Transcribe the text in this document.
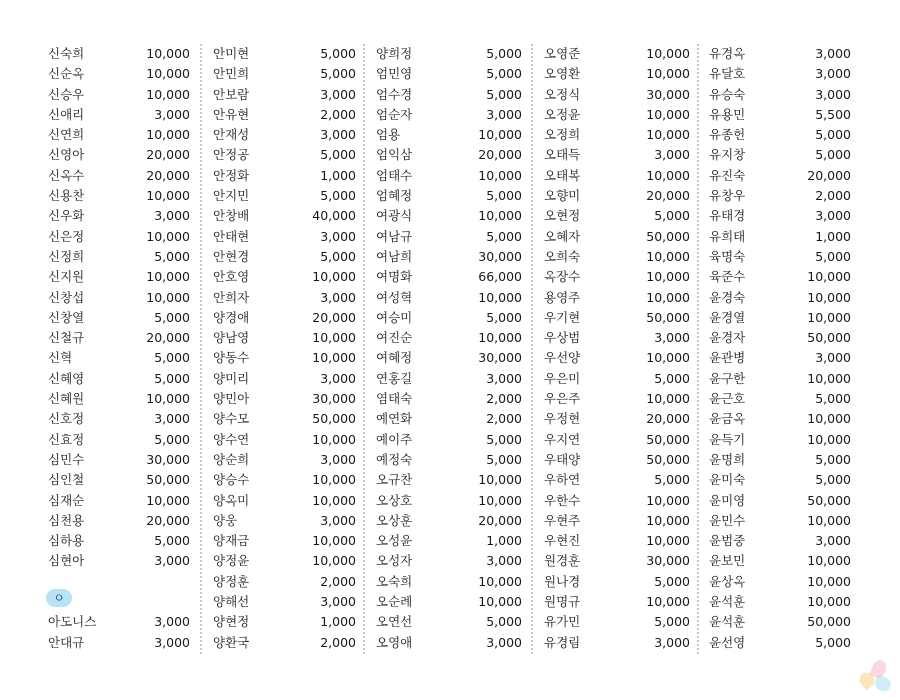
신숙희	10,000
신순옥	10,000
신승우	10,000
신애리	3,000
신연희	10,000
신영아	20,000
신옥수	20,000
신용찬	10,000
신우화	3,000
신은정	10,000
신정희	5,000
신지원	10,000
신창섭	10,000
신창열	5,000
신철규	20,000
신혁	5,000
신혜영	5,000
신혜원	10,000
신호정	3,000
신효정	5,000
심민수	30,000
심인철	50,000
심재순	10,000
심천용	20,000
심하용	5,000
심현아	3,000
아도니스	3,000
안대규	3,000
안미현	5,000
안민희	5,000
안보람	3,000
안유현	2,000
안재성	3,000
안정공	5,000
안정화	1,000
안지민	5,000
안창배	40,000
안태현	3,000
안현경	5,000
안호영	10,000
안희자	3,000
양경애	20,000
양남영	10,000
양동수	10,000
양미리	3,000
양민아	30,000
양수모	50,000
양수연	10,000
양순희	3,000
양승수	10,000
양옥미	10,000
양웅	3,000
양재금	10,000
양정윤	10,000
양정훈	2,000
양해선	3,000
양현정	1,000
양환국	2,000
양희정	5,000
엄민영	5,000
엄수경	5,000
엄순자	3,000
엄용	10,000
엄익삼	20,000
엄태수	10,000
엄혜정	5,000
여광식	10,000
여남규	5,000
여남희	30,000
여명화	66,000
여성혁	10,000
여승미	5,000
여진순	10,000
여혜정	30,000
연홍길	3,000
염태숙	2,000
예연화	2,000
예이주	5,000
예정숙	5,000
오규찬	10,000
오상호	10,000
오상훈	20,000
오성윤	1,000
오성자	3,000
오숙희	10,000
오순례	10,000
오연선	5,000
오영애	3,000
오영준	10,000
오영환	10,000
오정식	30,000
오정윤	10,000
오정희	10,000
오태득	3,000
오태복	10,000
오향미	20,000
오현정	5,000
오혜자	50,000
오희숙	10,000
옥장수	10,000
용영주	10,000
우기현	50,000
우상범	3,000
우선양	10,000
우은미	5,000
우은주	10,000
우정현	20,000
우지연	50,000
우태양	50,000
우하연	5,000
우한수	10,000
우현주	10,000
우현진	10,000
원경훈	30,000
원나경	5,000
원명규	10,000
유가민	5,000
유경림	3,000
유경옥	3,000
유달호	3,000
유승숙	3,000
유용민	5,500
유종헌	5,000
유지창	5,000
유진숙	20,000
유창우	2,000
유태경	3,000
유희태	1,000
육명숙	5,000
육준수	10,000
윤경숙	10,000
윤경열	10,000
윤경자	50,000
윤관병	3,000
윤구한	10,000
윤근호	5,000
윤금옥	10,000
윤득기	10,000
윤명희	5,000
윤미숙	5,000
윤미영	50,000
윤민수	10,000
윤범중	3,000
윤보민	10,000
윤상옥	10,000
윤석훈	10,000
윤석훈	50,000
윤선영	5,000
ㅇ
